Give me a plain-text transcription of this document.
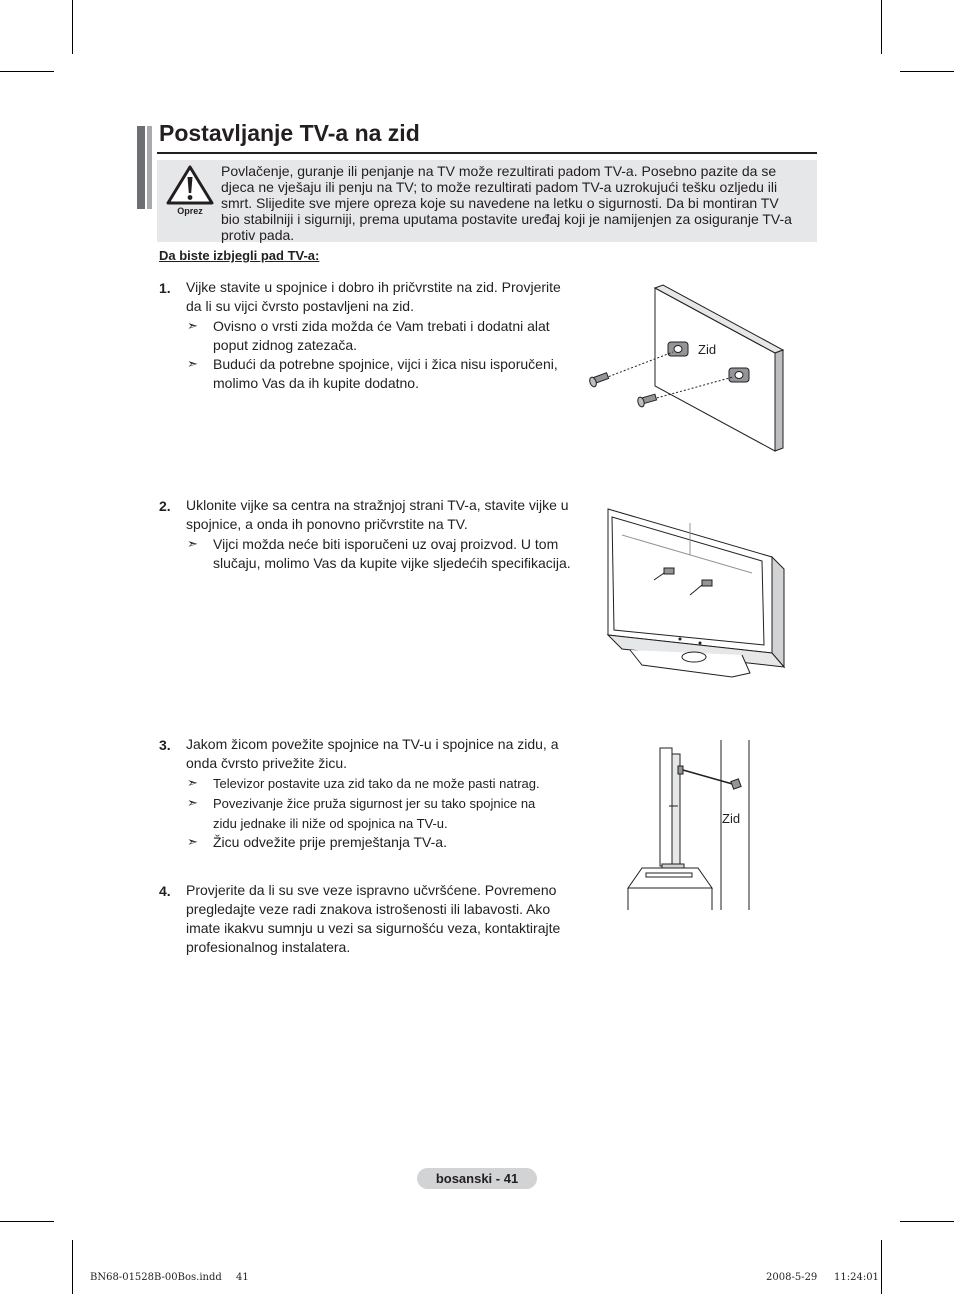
Postavljanje TV-a na zid
Oprez
Povlačenje, guranje ili penjanje na TV može rezultirati padom TV-a. Posebno pazite da se
djeca ne vješaju ili penju na TV; to može rezultirati padom TV-a uzrokujući tešku ozljedu ili
smrt. Slijedite sve mjere opreza koje su navedene na letku o sigurnosti. Da bi montiran TV
bio stabilniji i sigurniji, prema uputama postavite uređaj koji je namijenjen za osiguranje TV-a
protiv pada.
Da biste izbjegli pad TV-a:
1. Vijke stavite u spojnice i dobro ih pričvrstite na zid. Provjerite
da li su vijci čvrsto postavljeni na zid.
➣ Ovisno o vrsti zida možda će Vam trebati i dodatni alat
poput zidnog zatezača.
➣ Budući da potrebne spojnice, vijci i žica nisu isporučeni,
molimo Vas da ih kupite dodatno.
Zid
2. Uklonite vijke sa centra na stražnjoj strani TV-a, stavite vijke u
spojnice, a onda ih ponovno pričvrstite na TV.
➣ Vijci možda neće biti isporučeni uz ovaj proizvod. U tom
slučaju, molimo Vas da kupite vijke sljedećih specifikacija.
3. Jakom žicom povežite spojnice na TV-u i spojnice na zidu, a
onda čvrsto privežite žicu.
➣ Televizor postavite uza zid tako da ne može pasti natrag.
➣ Povezivanje žice pruža sigurnost jer su tako spojnice na
zidu jednake ili niže od spojnica na TV-u.
➣ Žicu odvežite prije premještanja TV-a.
Zid
4. Provjerite da li su sve veze ispravno učvršćene. Povremeno
pregledajte veze radi znakova istrošenosti ili labavosti. Ako
imate ikakvu sumnju u vezi sa sigurnošću veza, kontaktirajte
profesionalnog instalatera.
bosanski - 41
BN68-01528B-00Bos.indd 41	2008-5-29 11:24:01
